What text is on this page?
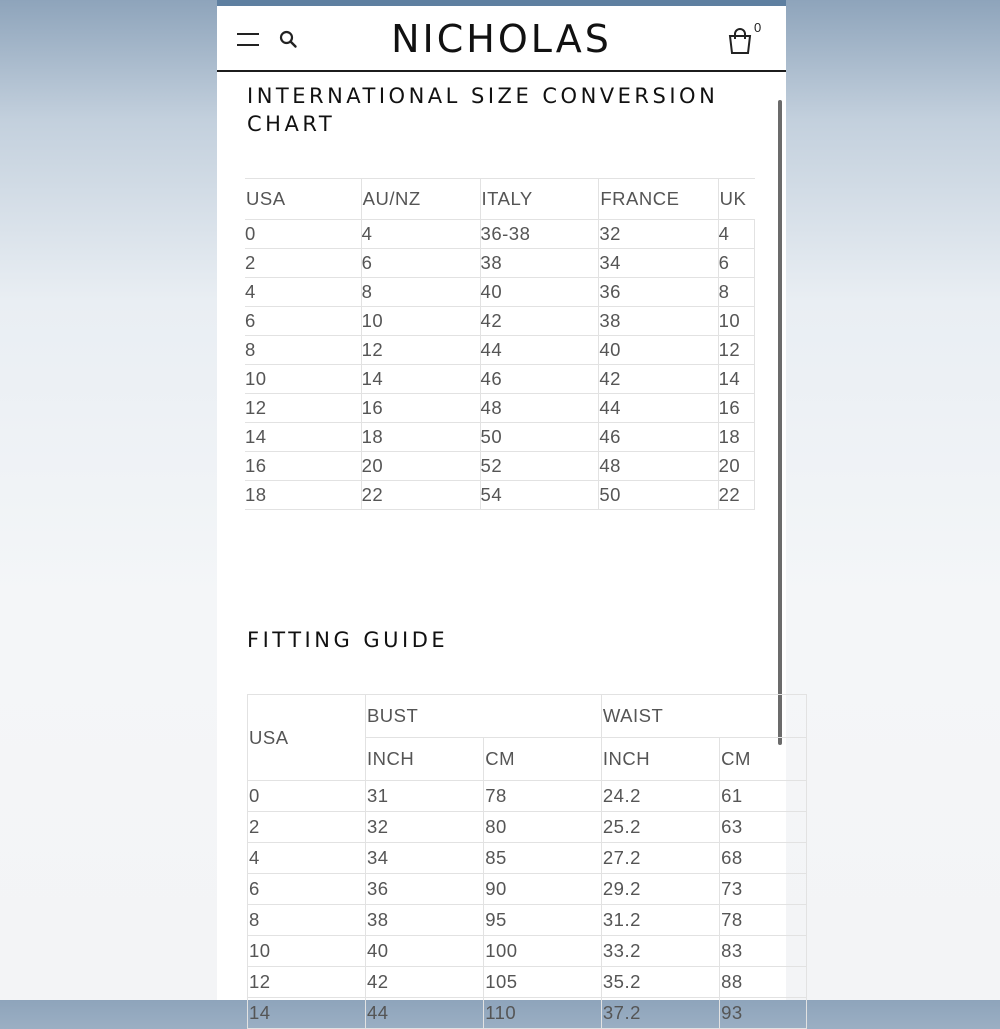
NICHOLAS	0
INTERNATIONAL SIZE CONVERSION CHART
USA	AU/NZ	ITALY	FRANCE	UK
0	4	36-38	32	4
2	6	38	34	6
4	8	40	36	8
6	10	42	38	10
8	12	44	40	12
10	14	46	42	14
12	16	48	44	16
14	18	50	46	18
16	20	52	48	20
18	22	54	50	22
FITTING GUIDE
USA	BUST		WAIST	
	INCH	CM	INCH	CM
0	31	78	24.2	61
2	32	80	25.2	63
4	34	85	27.2	68
6	36	90	29.2	73
8	38	95	31.2	78
10	40	100	33.2	83
12	42	105	35.2	88
14	44	110	37.2	93
